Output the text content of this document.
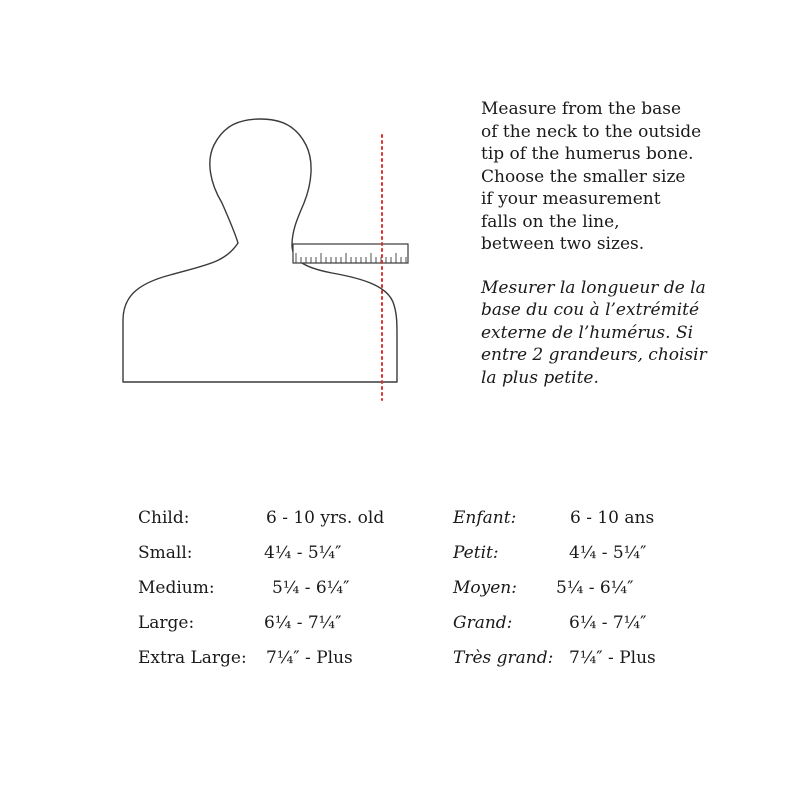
Measure from the base
of the neck to the outside
tip of the humerus bone.
Choose the smaller size
if your measurement
falls on the line,
between two sizes.

Mesurer la longueur de la
base du cou à l’extrémité
externe de l’humérus. Si
entre 2 grandeurs, choisir
la plus petite.

Child:	6 - 10 yrs. old	Enfant:	6 - 10 ans
Small:	4¼ - 5¼″	Petit:	4¼ - 5¼″
Medium:	5¼ - 6¼″	Moyen: 5¼ - 6¼″
Large:	6¼ - 7¼″	Grand:	6¼ - 7¼″
Extra Large: 7¼″ - Plus	Très grand: 7¼″ - Plus
